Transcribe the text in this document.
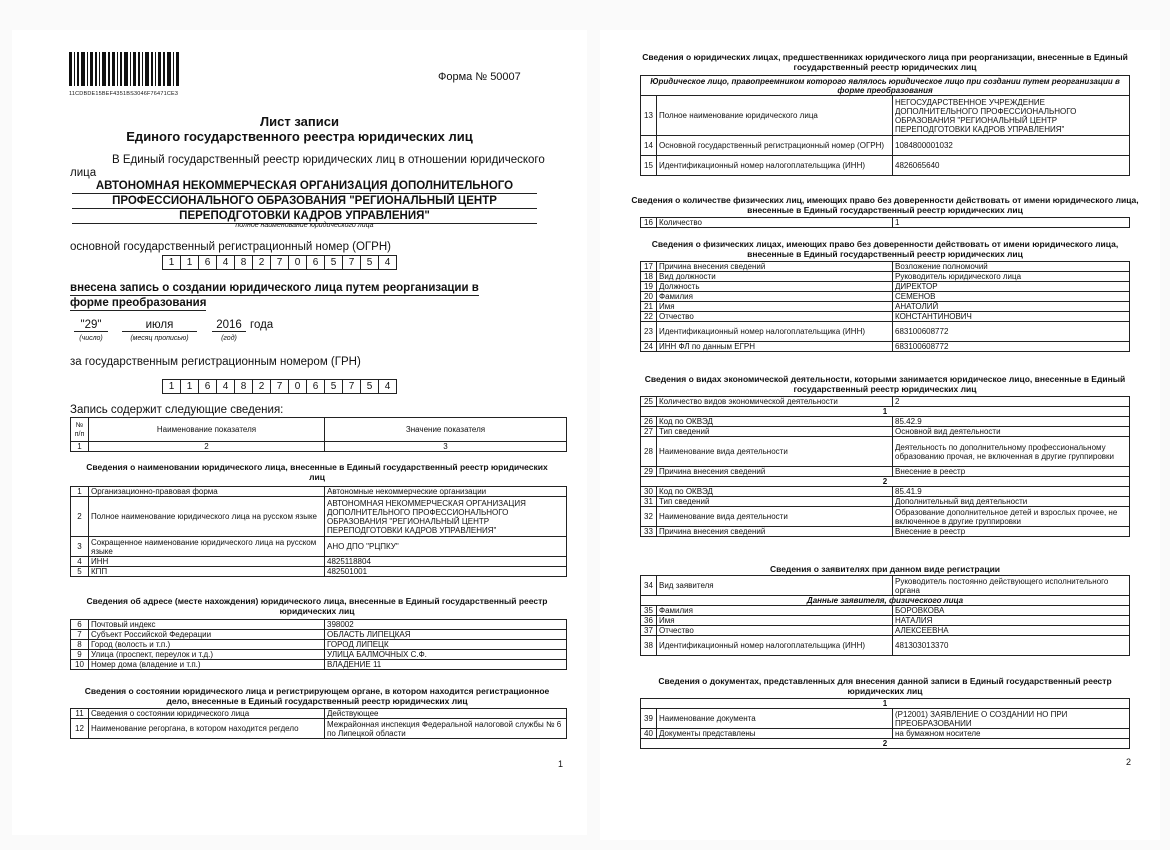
11CDBDE15BEF4351BS3046F76471CE3
Форма № 50007
Лист записи
Единого государственного реестра юридических лиц
В Единый государственный реестр юридических лиц в отношении юридического
лица
АВТОНОМНАЯ НЕКОММЕРЧЕСКАЯ ОРГАНИЗАЦИЯ ДОПОЛНИТЕЛЬНОГО
ПРОФЕССИОНАЛЬНОГО ОБРАЗОВАНИЯ "РЕГИОНАЛЬНЫЙ ЦЕНТР
ПЕРЕПОДГОТОВКИ КАДРОВ УПРАВЛЕНИЯ"
полное наименование юридического лица
основной государственный регистрационный номер (ОГРН)
1	1	6	4	8	2	7	0	6	5	7	5	4
внесена запись о создании юридического лица путем реорганизации в
форме преобразования
"29"	июля	2016 года
(число)	(месяц прописью)	(год)
за государственным регистрационным номером (ГРН)
1	1	6	4	8	2	7	0	6	5	7	5	4
Запись содержит следующие сведения:
№ п/п	Наименование показателя	Значение показателя
1	2	3
Сведения о наименовании юридического лица, внесенные в Единый государственный реестр юридических лиц
1	Организационно-правовая форма	Автономные некоммерческие организации
2	Полное наименование юридического лица на русском языке	АВТОНОМНАЯ НЕКОММЕРЧЕСКАЯ ОРГАНИЗАЦИЯ ДОПОЛНИТЕЛЬНОГО ПРОФЕССИОНАЛЬНОГО ОБРАЗОВАНИЯ "РЕГИОНАЛЬНЫЙ ЦЕНТР ПЕРЕПОДГОТОВКИ КАДРОВ УПРАВЛЕНИЯ"
3	Сокращенное наименование юридического лица на русском языке	АНО ДПО "РЦПКУ"
4	ИНН	4825118804
5	КПП	482501001
Сведения об адресе (месте нахождения) юридического лица, внесенные в Единый государственный реестр юридических лиц
6	Почтовый индекс	398002
7	Субъект Российской Федерации	ОБЛАСТЬ ЛИПЕЦКАЯ
8	Город (волость и т.п.)	ГОРОД ЛИПЕЦК
9	Улица (проспект, переулок и т.д.)	УЛИЦА БАЛМОЧНЫХ С.Ф.
10	Номер дома (владение и т.п.)	ВЛАДЕНИЕ 11
Сведения о состоянии юридического лица и регистрирующем органе, в котором находится регистрационное дело, внесенные в Единый государственный реестр юридических лиц
11	Сведения о состоянии юридического лица	Действующее
12	Наименование регоргана, в котором находится регдело	Межрайонная инспекция Федеральной налоговой службы № 6 по Липецкой области
1
Сведения о юридических лицах, предшественниках юридического лица при реорганизации, внесенные в Единый государственный реестр юридических лиц
Юридическое лицо, правопреемником которого являлось юридическое лицо при создании путем реорганизации в форме преобразования		
13	Полное наименование юридического лица	НЕГОСУДАРСТВЕННОЕ УЧРЕЖДЕНИЕ ДОПОЛНИТЕЛЬНОГО ПРОФЕССИОНАЛЬНОГО ОБРАЗОВАНИЯ "РЕГИОНАЛЬНЫЙ ЦЕНТР ПЕРЕПОДГОТОВКИ КАДРОВ УПРАВЛЕНИЯ"
14	Основной государственный регистрационный номер (ОГРН)	1084800001032
15	Идентификационный номер налогоплательщика (ИНН)	4826065640
Сведения о количестве физических лиц, имеющих право без доверенности действовать от имени юридического лица, внесенные в Единый государственный реестр юридических лиц
16	Количество	1
Сведения о физических лицах, имеющих право без доверенности действовать от имени юридического лица, внесенные в Единый государственный реестр юридических лиц
17	Причина внесения сведений	Возложение полномочий
18	Вид должности	Руководитель юридического лица
19	Должность	ДИРЕКТОР
20	Фамилия	СЕМЕНОВ
21	Имя	АНАТОЛИЙ
22	Отчество	КОНСТАНТИНОВИЧ
23	Идентификационный номер налогоплательщика (ИНН)	683100608772
24	ИНН ФЛ по данным ЕГРН	683100608772
Сведения о видах экономической деятельности, которыми занимается юридическое лицо, внесенные в Единый государственный реестр юридических лиц
25	Количество видов экономической деятельности	2
1		
26	Код по ОКВЭД	85.42.9
27	Тип сведений	Основной вид деятельности
28	Наименование вида деятельности	Деятельность по дополнительному профессиональному образованию прочая, не включенная в другие группировки
29	Причина внесения сведений	Внесение в реестр
2		
30	Код по ОКВЭД	85.41.9
31	Тип сведений	Дополнительный вид деятельности
32	Наименование вида деятельности	Образование дополнительное детей и взрослых прочее, не включенное в другие группировки
33	Причина внесения сведений	Внесение в реестр
Сведения о заявителях при данном виде регистрации
34	Вид заявителя	Руководитель постоянно действующего исполнительного органа
Данные заявителя, физического лица		
35	Фамилия	БОРОВКОВА
36	Имя	НАТАЛИЯ
37	Отчество	АЛЕКСЕЕВНА
38	Идентификационный номер налогоплательщика (ИНН)	481303013370
Сведения о документах, представленных для внесения данной записи в Единый государственный реестр юридических лиц
1		
39	Наименование документа	(Р12001) ЗАЯВЛЕНИЕ О СОЗДАНИИ НО ПРИ ПРЕОБРАЗОВАНИИ
40	Документы представлены	на бумажном носителе
2		
2
